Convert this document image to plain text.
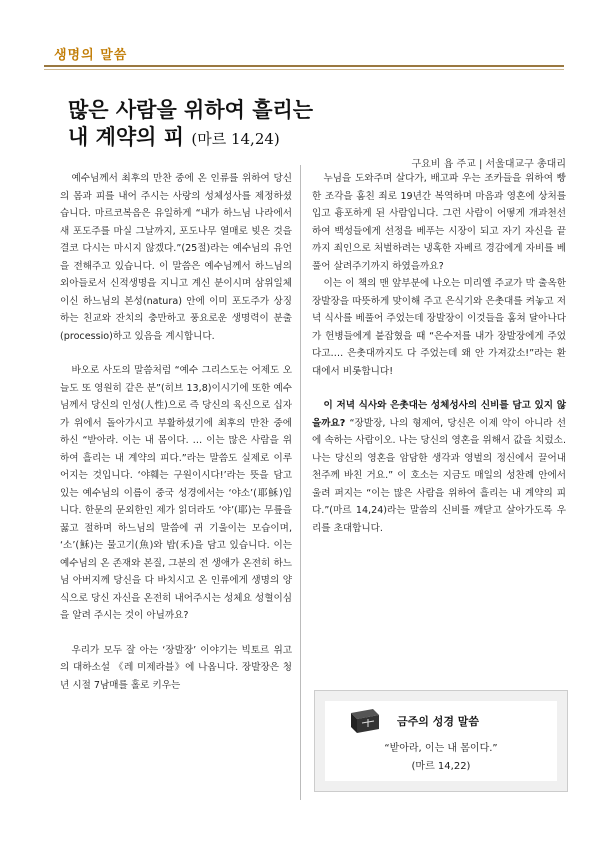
생명의 말씀
많은 사람을 위하여 흘리는
내 계약의 피 (마르 14,24)
구요비 욥 주교 | 서울대교구 총대리

예수님께서 최후의 만찬 중에 온 인류를 위하여 당신의 몸과 피를 내어 주시는 사랑의 성체성사를 제정하셨습니다. 마르코복음은 유일하게 “내가 하느님 나라에서 새 포도주를 마실 그날까지, 포도나무 열매로 빚은 것을 결코 다시는 마시지 않겠다.”(25절)라는 예수님의 유언을 전해주고 있습니다. 이 말씀은 예수님께서 하느님의 외아들로서 신적생명을 지니고 계신 분이시며 삼위일체이신 하느님의 본성(natura) 안에 이미 포도주가 상징하는 친교와 잔치의 충만하고 풍요로운 생명력이 분출(processio)하고 있음을 계시합니다.

바오로 사도의 말씀처럼 “예수 그리스도는 어제도 오늘도 또 영원히 같은 분”(히브 13,8)이시기에 또한 예수님께서 당신의 인성(人性)으로 즉 당신의 육신으로 십자가 위에서 돌아가시고 부활하셨기에 최후의 만찬 중에 하신 “받아라. 이는 내 몸이다. … 이는 많은 사람을 위하여 흘리는 내 계약의 피다.”라는 말씀도 실제로 이루어지는 것입니다. ‘야훼는 구원이시다!’라는 뜻을 담고 있는 예수님의 이름이 중국 성경에서는 ‘야소’(耶穌)입니다. 한문의 문외한인 제가 읽더라도 ‘야’(耶)는 무릎을 꿇고 절하며 하느님의 말씀에 귀 기울이는 모습이며, ‘소’(穌)는 물고기(魚)와 밥(禾)을 담고 있습니다. 이는 예수님의 온 존재와 본질, 그분의 전 생애가 온전히 하느님 아버지께 당신을 다 바치시고 온 인류에게 생명의 양식으로 당신 자신을 온전히 내어주시는 성체요 성혈이심을 알려 주시는 것이 아닐까요?

우리가 모두 잘 아는 ‘장발장’ 이야기는 빅토르 위고의 대하소설 《레 미제라블》에 나옵니다. 장발장은 청년 시절 7남매를 홀로 키우는

누님을 도와주며 살다가, 배고파 우는 조카들을 위하여 빵 한 조각을 훔친 죄로 19년간 복역하며 마음과 영혼에 상처를 입고 흉포하게 된 사람입니다. 그런 사람이 어떻게 개과천선하여 백성들에게 선정을 베푸는 시장이 되고 자기 자신을 끝까지 죄인으로 처벌하려는 냉혹한 자베르 경감에게 자비를 베풀어 살려주기까지 하였을까요?

이는 이 책의 맨 앞부분에 나오는 미리엘 주교가 막 출옥한 장발장을 따뜻하게 맞이해 주고 은식기와 은촛대를 켜놓고 저녁 식사를 베풀어 주었는데 장발장이 이것들을 훔쳐 달아나다가 헌병들에게 붙잡혔을 때 “은수저를 내가 장발장에게 주었다고…. 은촛대까지도 다 주었는데 왜 안 가져갔소!”라는 환대에서 비롯합니다!

이 저녁 식사와 은촛대는 성체성사의 신비를 담고 있지 않을까요? “장발장, 나의 형제여, 당신은 이제 악이 아니라 선에 속하는 사람이오. 나는 당신의 영혼을 위해서 값을 치렀소. 나는 당신의 영혼을 암담한 생각과 영벌의 정신에서 끌어내 천주께 바친 거요.” 이 호소는 지금도 매일의 성찬례 안에서 울려 퍼지는 “이는 많은 사람을 위하여 흘리는 내 계약의 피다.”(마르 14,24)라는 말씀의 신비를 깨닫고 살아가도록 우리를 초대합니다.

금주의 성경 말씀
“받아라, 이는 내 몸이다.”
(마르 14,22)
